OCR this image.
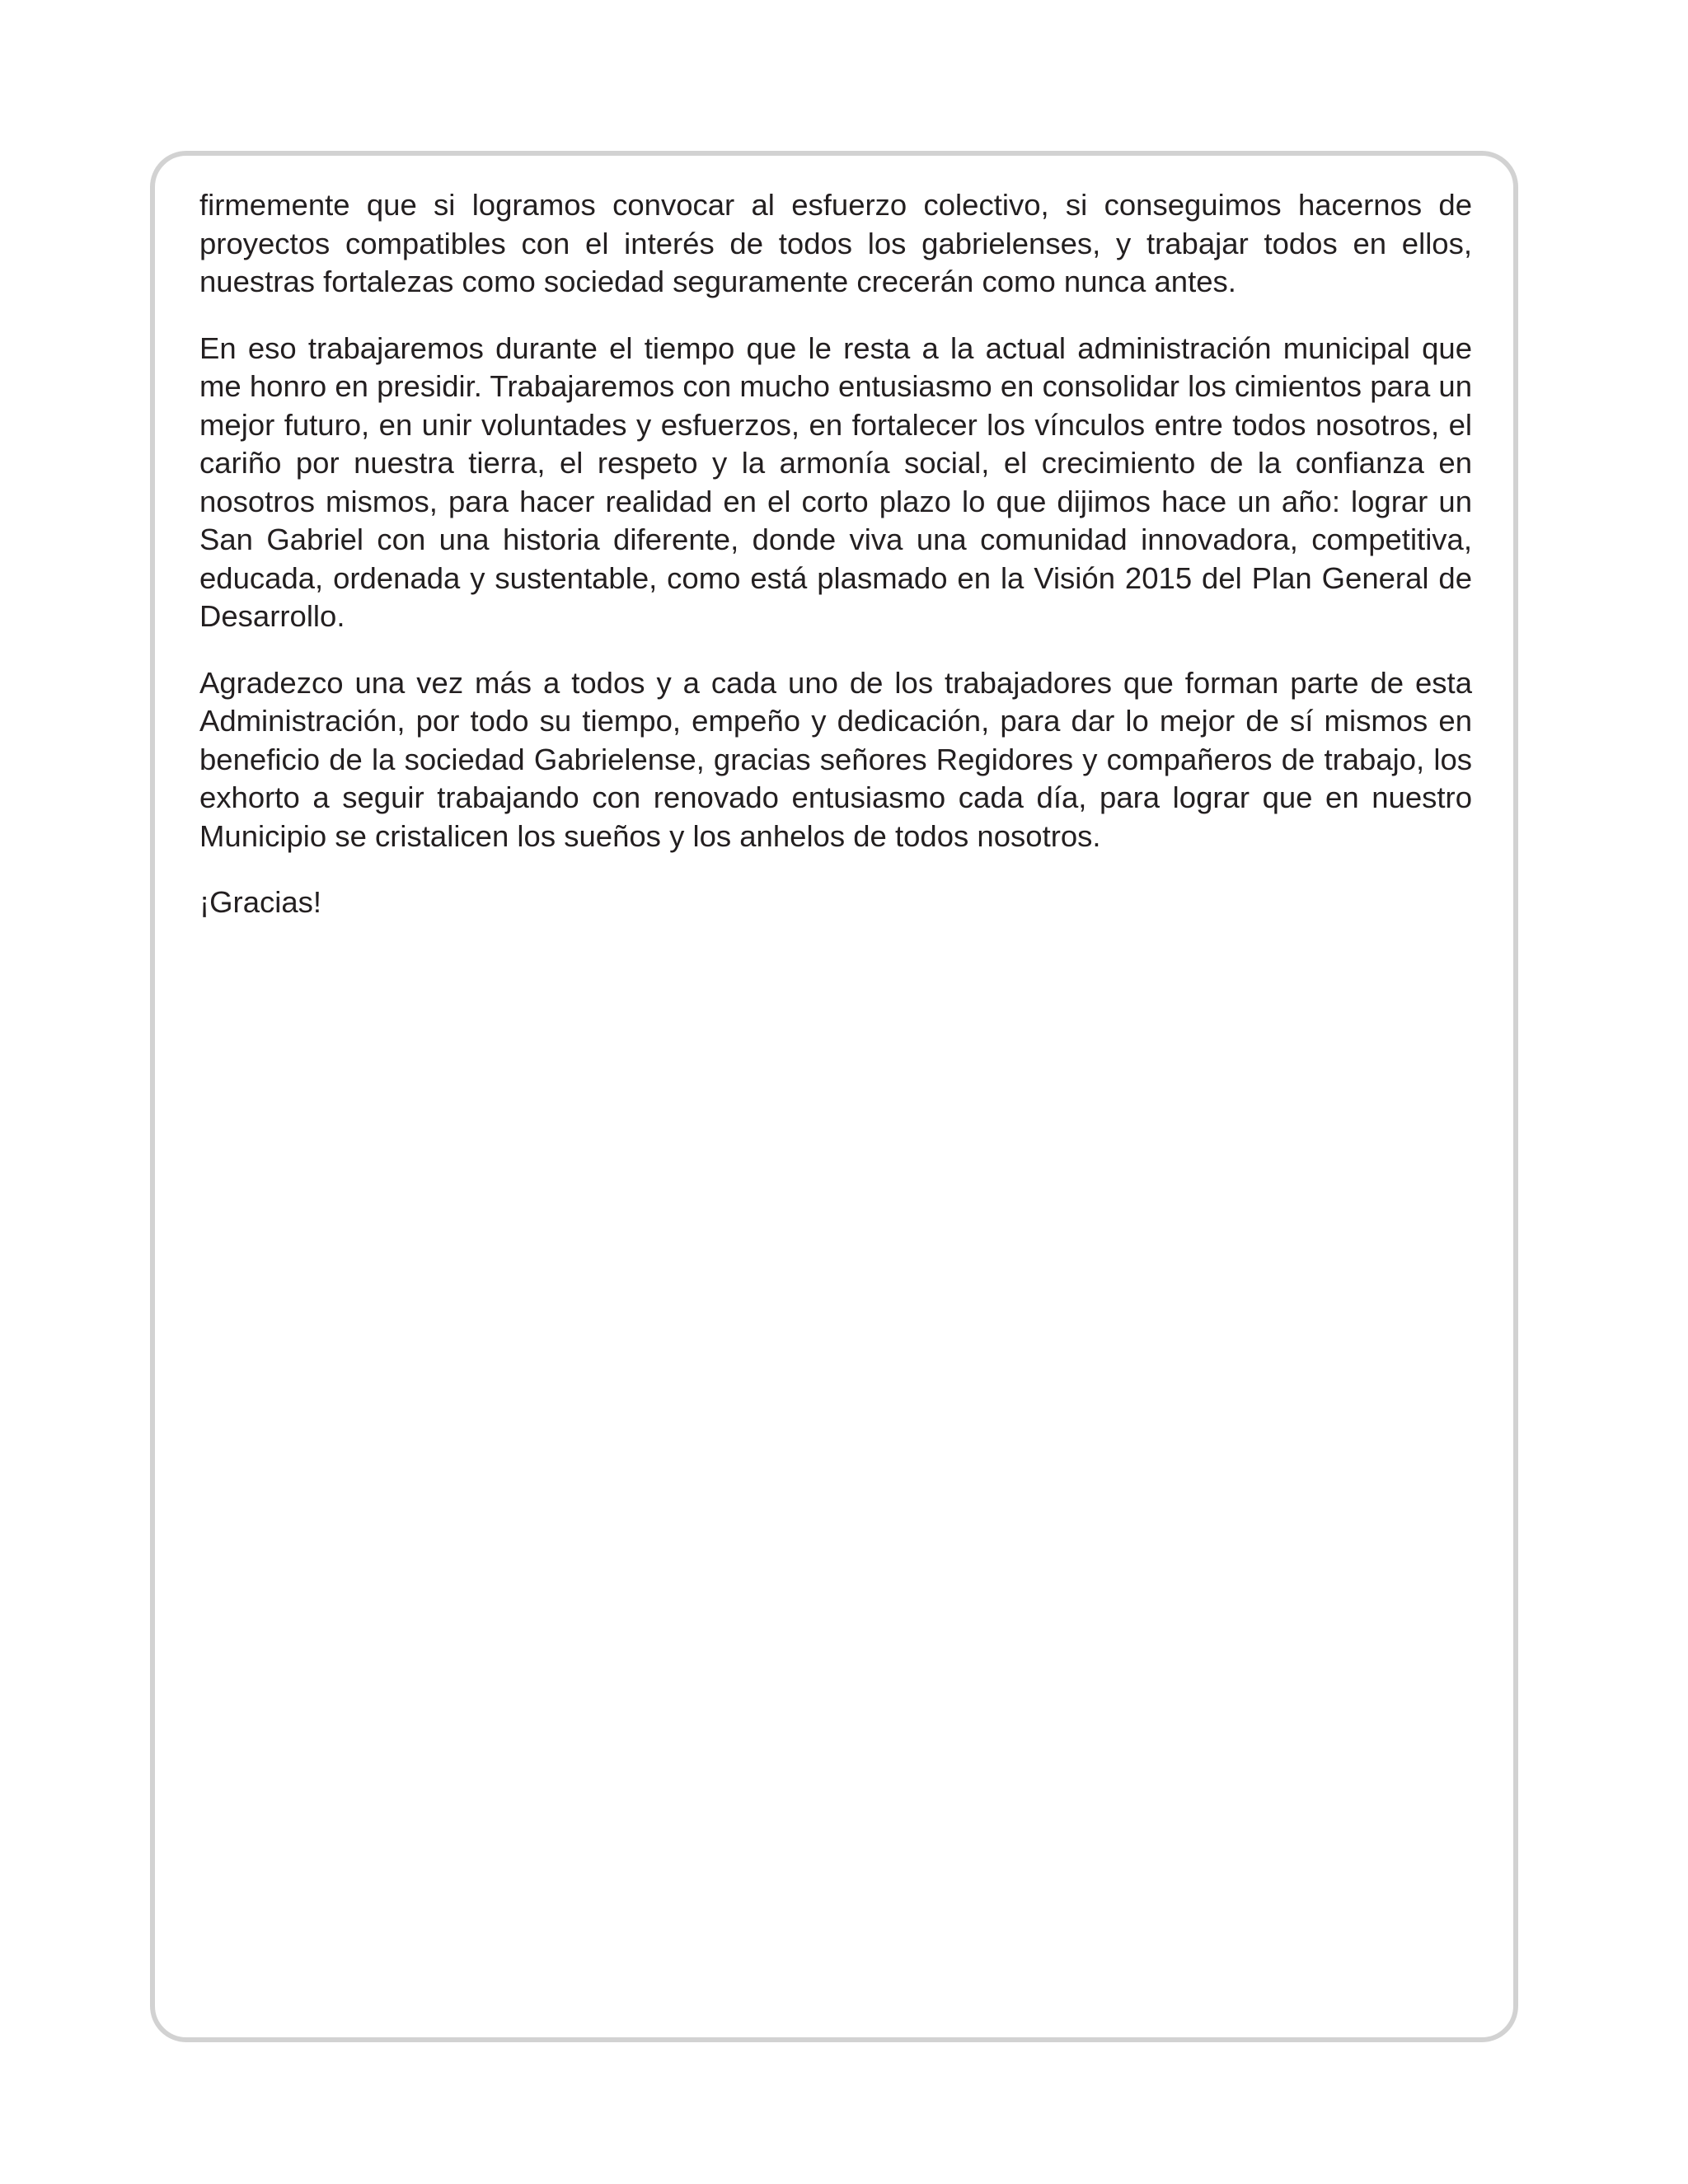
firmemente que si logramos convocar al esfuerzo colectivo, si conseguimos hacernos de proyectos compatibles con el interés de todos los gabrielenses, y trabajar todos en ellos, nuestras fortalezas como sociedad seguramente crecerán como nunca antes.

En eso trabajaremos durante el tiempo que le resta a la actual administración municipal que me honro en presidir. Trabajaremos con mucho entusiasmo en consolidar los cimientos para un mejor futuro, en unir voluntades y esfuerzos, en fortalecer los vínculos entre todos nosotros, el cariño por nuestra tierra, el respeto y la armonía social, el crecimiento de la confianza en nosotros mismos, para hacer realidad en el corto plazo lo que dijimos hace un año: lograr un San Gabriel con una historia diferente, donde viva una comunidad innovadora, competitiva, educada, ordenada y sustentable, como está plasmado en la Visión 2015 del Plan General de Desarrollo.

Agradezco una vez más a todos y a cada uno de los trabajadores que forman parte de esta Administración, por todo su tiempo, empeño y dedicación, para dar lo mejor de sí mismos en beneficio de la sociedad Gabrielense, gracias señores Regidores y compañeros de trabajo, los exhorto a seguir trabajando con renovado entusiasmo cada día, para lograr que en nuestro Municipio se cristalicen los sueños y los anhelos de todos nosotros.

¡Gracias!
